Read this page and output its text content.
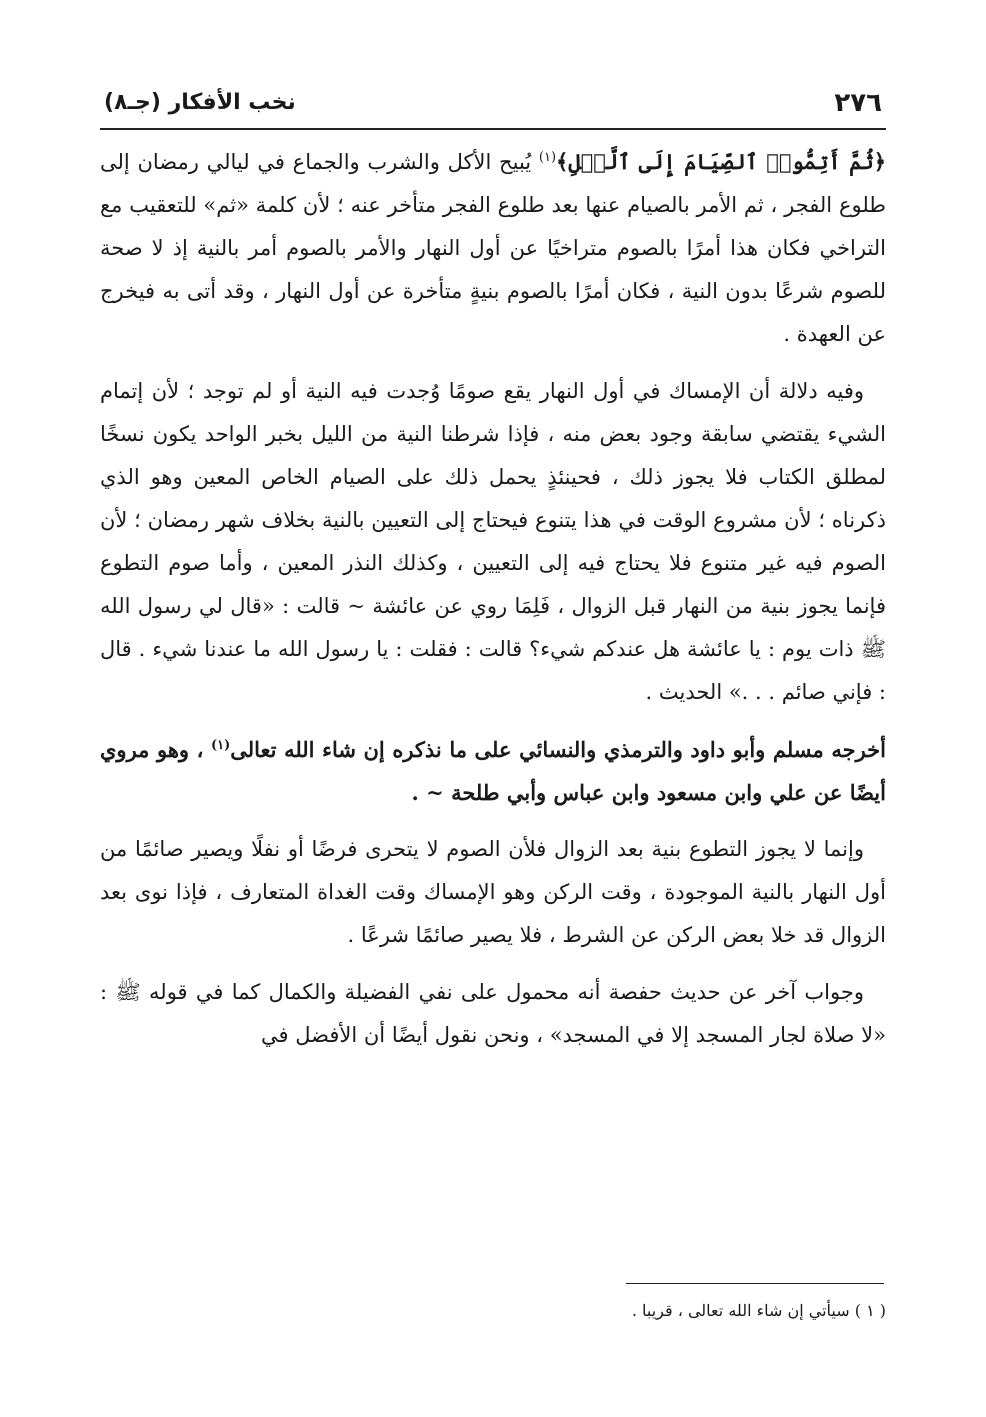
٢٧٦
نخب الأفكار (جـ٨)

﴿ثُمَّ أَتِمُّوا۟ ٱلصِّيَامَ إِلَى ٱلَّيۡلِ﴾$^{(١)}$ يُبيح الأكل والشرب والجماع في ليالي رمضان إلى طلوع الفجر ، ثم الأمر بالصيام عنها بعد طلوع الفجر متأخر عنه ؛ لأن كلمة «ثم» للتعقيب مع التراخي فكان هذا أمرًا بالصوم متراخيًا عن أول النهار والأمر بالصوم أمر بالنية إذ لا صحة للصوم شرعًا بدون النية ، فكان أمرًا بالصوم بنيةٍ متأخرة عن أول النهار ، وقد أتى به فيخرج عن العهدة .

وفيه دلالة أن الإمساك في أول النهار يقع صومًا وُجدت فيه النية أو لم توجد ؛ لأن إتمام الشيء يقتضي سابقة وجود بعض منه ، فإذا شرطنا النية من الليل بخبر الواحد يكون نسخًا لمطلق الكتاب فلا يجوز ذلك ، فحينئذٍ يحمل ذلك على الصيام الخاص المعين وهو الذي ذكرناه ؛ لأن مشروع الوقت في هذا يتنوع فيحتاج إلى التعيين بالنية بخلاف شهر رمضان ؛ لأن الصوم فيه غير متنوع فلا يحتاج فيه إلى التعيين ، وكذلك النذر المعين ، وأما صوم التطوع فإنما يجوز بنية من النهار قبل الزوال ، فَلِمَا روي عن عائشة ~ قالت : «قال لي رسول الله ﷺ ذات يوم : يا عائشة هل عندكم شيء؟ قالت : فقلت : يا رسول الله ما عندنا شيء . قال : فإني صائم . . .» الحديث .

أخرجه مسلم وأبو داود والترمذي والنسائي على ما نذكره إن شاء الله تعالى$^{(١)}$ ، وهو مروي أيضًا عن علي وابن مسعود وابن عباس وأبي طلحة ~ .

وإنما لا يجوز التطوع بنية بعد الزوال فلأن الصوم لا يتحرى فرضًا أو نفلًا ويصير صائمًا من أول النهار بالنية الموجودة ، وقت الركن وهو الإمساك وقت الغداة المتعارف ، فإذا نوى بعد الزوال قد خلا بعض الركن عن الشرط ، فلا يصير صائمًا شرعًا .

وجواب آخر عن حديث حفصة أنه محمول على نفي الفضيلة والكمال كما في قوله ﷺ : «لا صلاة لجار المسجد إلا في المسجد» ، ونحن نقول أيضًا أن الأفضل في

( ١ ) سيأتي إن شاء الله تعالى ، قريبا .
